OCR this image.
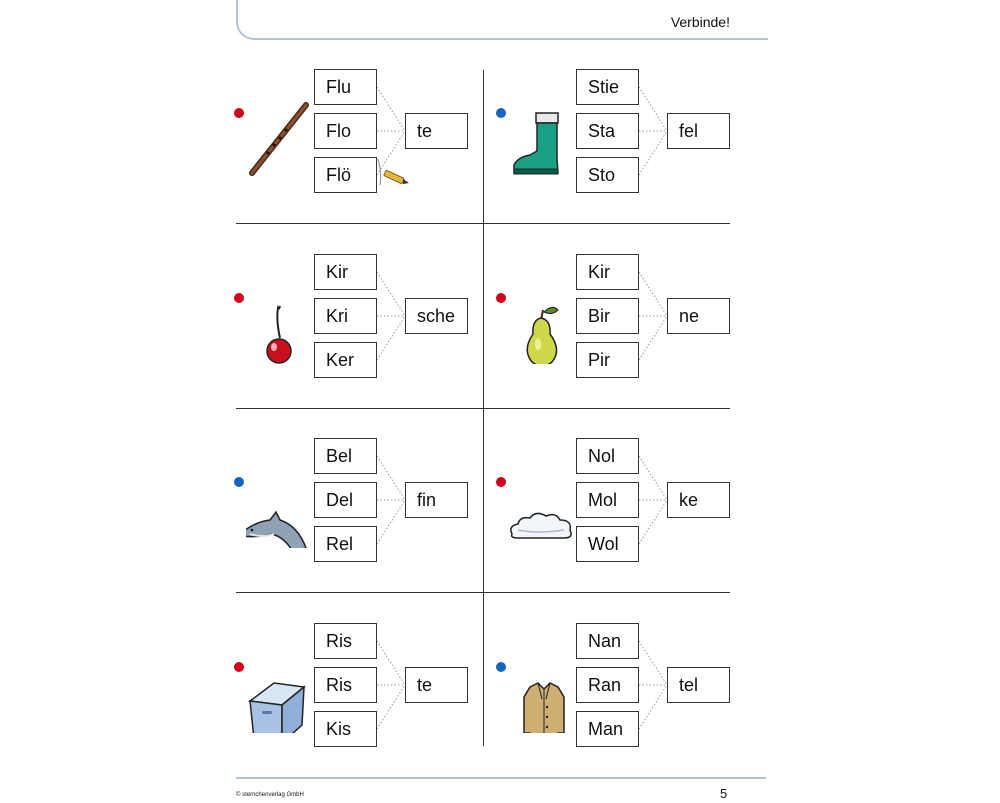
Verbinde!
Flu
Flo
Flö
te
Stie
Sta
Sto
fel
Kir
Kri
Ker
sche
Kir
Bir
Pir
ne
Bel
Del
Rel
fin
Nol
Mol
Wol
ke
Ris
Ris
Kis
te
Nan
Ran
Man
tel
© sternchenverlag GmbH	5
